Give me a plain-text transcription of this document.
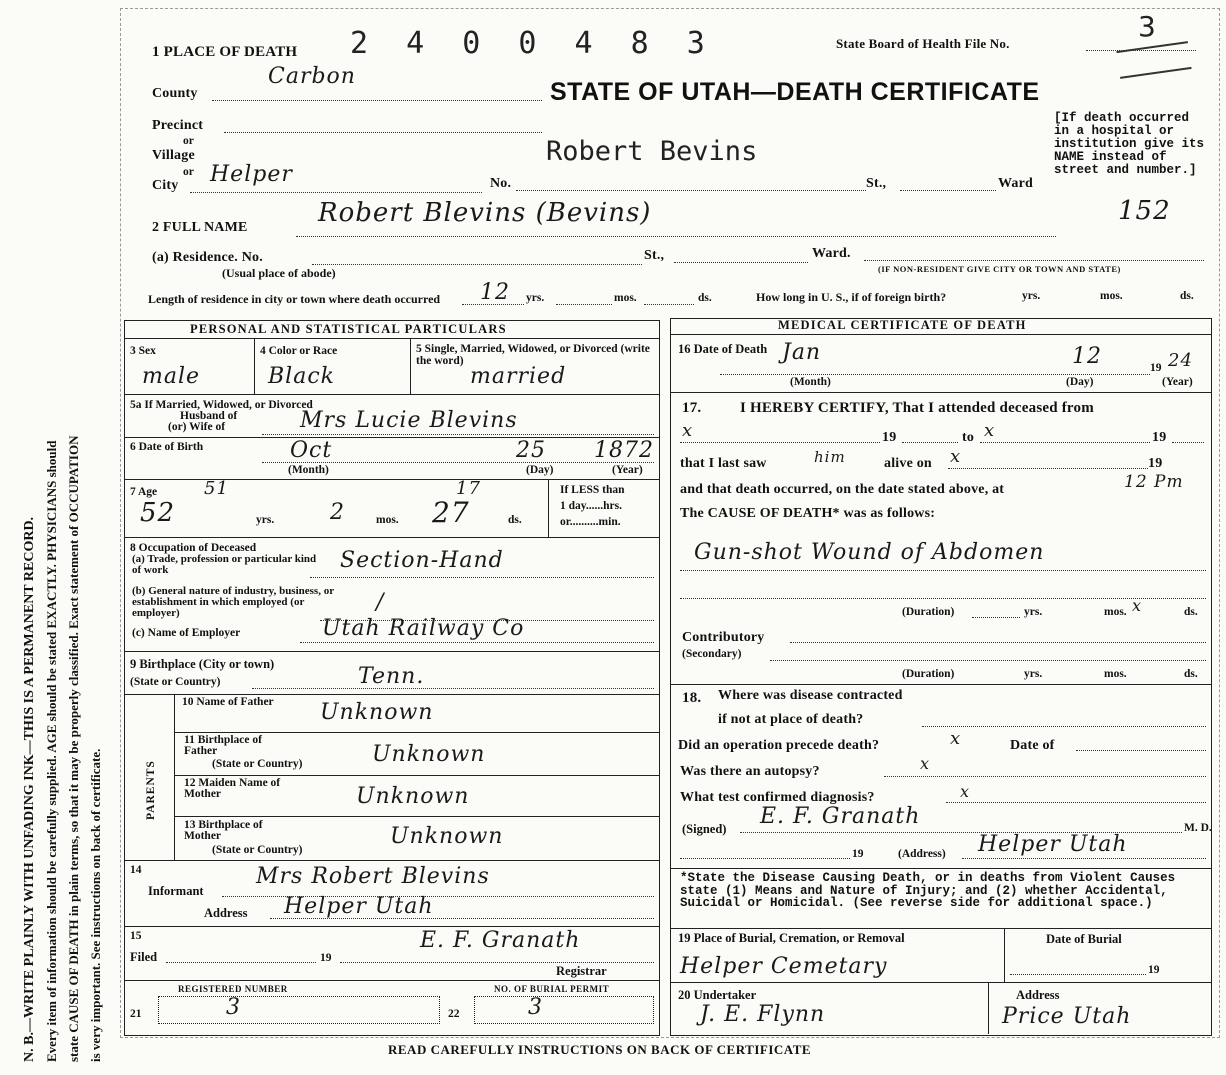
N. B.—WRITE PLAINLY WITH UNFADING INK—THIS IS A PERMANENT RECORD. Every item of information should be carefully supplied. AGE should be stated EXACTLY. PHYSICIANS should state CAUSE OF DEATH in plain terms, so that it may be properly classified. Exact statement of OCCUPATION is very important. See instructions on back of certificate.
1 PLACE OF DEATH 2 4 0 0 4 8 3	State Board of Health File No.
3
STATE OF UTAH—DEATH CERTIFICATE
County
Carbon
Precinct
or
Village
or
City Helper
Robert Bevins
No.	St.,	Ward
[If death occurred in a hospital or institution give its NAME instead of street and number.]
152
2 FULL NAME	Robert Blevins (Bevins)
(a) Residence. No.	St.,	Ward.
(Usual place of abode)	(IF NON-RESIDENT GIVE CITY OR TOWN AND STATE)
Length of residence in city or town where death occurred 12 yrs.	mos.	ds.	How long in U. S., if of foreign birth?	yrs.	mos.	ds.
PERSONAL AND STATISTICAL PARTICULARS
3 Sex
male
4 Color or Race
Black
5 Single, Married, Widowed, or Divorced (write the word)
married
5a If Married, Widowed, or Divorced
Husband of
(or) Wife of	Mrs Lucie Blevins
6 Date of Birth	Oct	25 1872
(Month)	(Day)	(Year)
7 Age	51	17
52	yrs.	2	mos. 27	ds.
If LESS than
1 day......hrs.
or..........min.
8 Occupation of Deceased
(a) Trade, profession or particular kind of work	Section-Hand
(b) General nature of industry, business, or establishment in which employed (or employer)	/
(c) Name of Employer	Utah Railway Co
9 Birthplace (City or town)
(State or Country)	Tenn.
PARENTS
10 Name of Father	Unknown
11 Birthplace of Father
(State or Country)	Unknown
12 Maiden Name of Mother	Unknown
13 Birthplace of Mother
(State or Country)
Unknown
14
Informant
Mrs Robert Blevins
Address Helper Utah
15
Filed	19
E. F. Granath
Registrar
REGISTERED NUMBER
21	3
NO. OF BURIAL PERMIT
22	3
MEDICAL CERTIFICATE OF DEATH
16 Date of Death Jan	12	19 24
(Month)	(Day)	(Year)
17.	I HEREBY CERTIFY, That I attended deceased from
x	19	to x	19
that I last saw	him	alive on x	19
and that death occurred, on the date stated above, at	12 Pm
The CAUSE OF DEATH* was as follows:
Gun-shot Wound of Abdomen
(Duration)	yrs.	mos. x	ds.
Contributory
(Secondary)
(Duration)	yrs.	mos.	ds.
18. Where was disease contracted
if not at place of death?
Did an operation precede death?	x	Date of
Was there an autopsy?	x
What test confirmed diagnosis?	x
(Signed) E. F. Granath	M. D.
19	(Address) Helper Utah
*State the Disease Causing Death, or in deaths from Violent Causes state (1) Means and Nature of Injury; and (2) whether Accidental, Suicidal or Homicidal. (See reverse side for additional space.)
19 Place of Burial, Cremation, or Removal
Helper Cemetary
Date of Burial
19
20 Undertaker
J. E. Flynn
Address
Price Utah
READ CAREFULLY INSTRUCTIONS ON BACK OF CERTIFICATE
